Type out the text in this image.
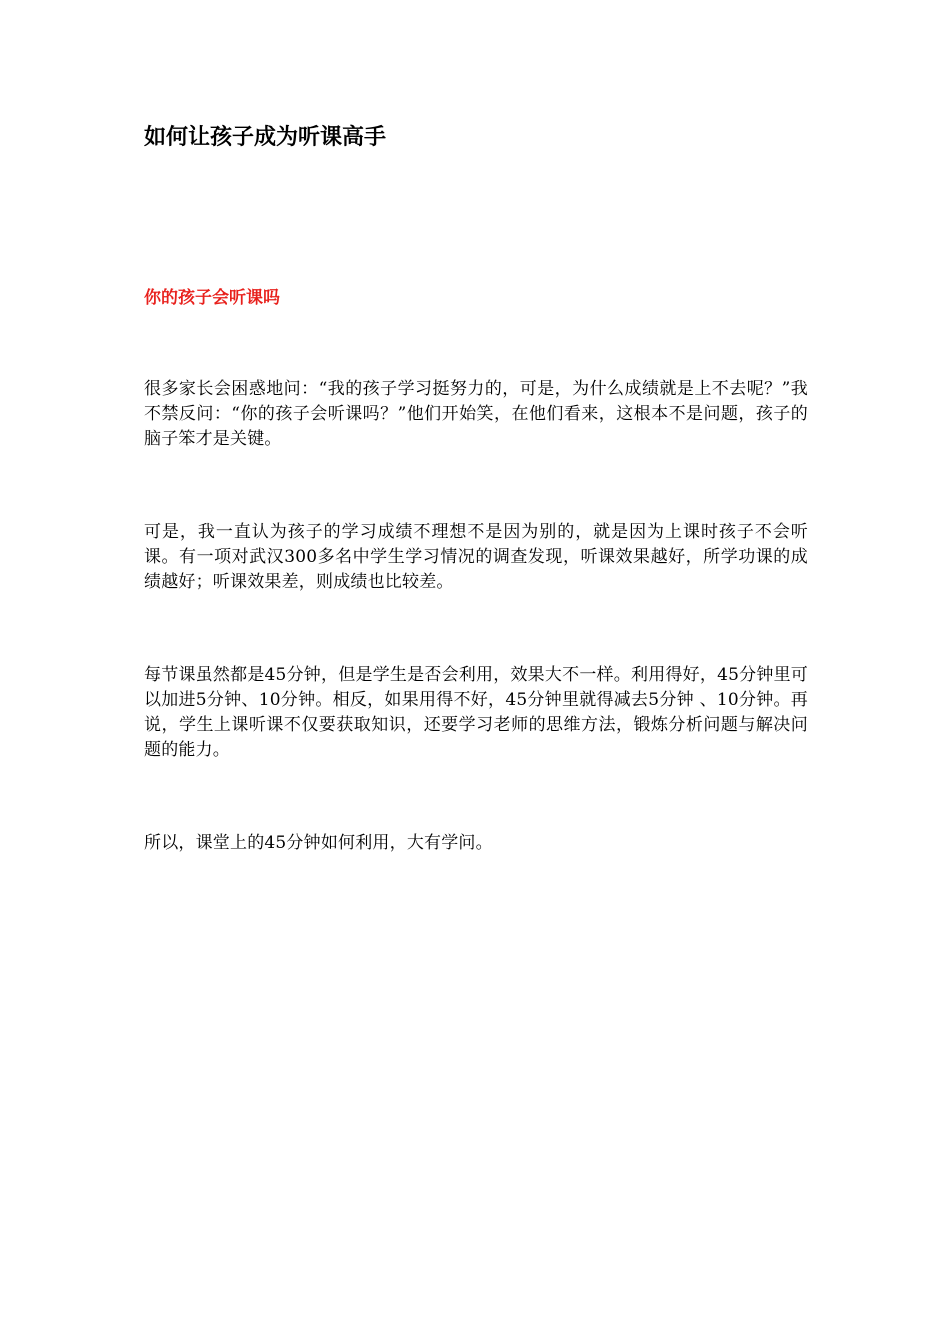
如何让孩子成为听课高手
你的孩子会听课吗

很多家长会困惑地问：“我的孩子学习挺努力的，可是，为什么成绩就是上不去呢？”我不禁反问：“你的孩子会听课吗？”他们开始笑，在他们看来，这根本不是问题，孩子的脑子笨才是关键。

可是，我一直认为孩子的学习成绩不理想不是因为别的，就是因为上课时孩子不会听课。有一项对武汉300多名中学生学习情况的调查发现，听课效果越好，所学功课的成绩越好；听课效果差，则成绩也比较差。

每节课虽然都是45分钟，但是学生是否会利用，效果大不一样。利用得好，45分钟里可以加进5分钟、10分钟。相反，如果用得不好，45分钟里就得减去5分钟 、10分钟。再说，学生上课听课不仅要获取知识，还要学习老师的思维方法，锻炼分析问题与解决问题的能力。

所以，课堂上的45分钟如何利用，大有学问。
